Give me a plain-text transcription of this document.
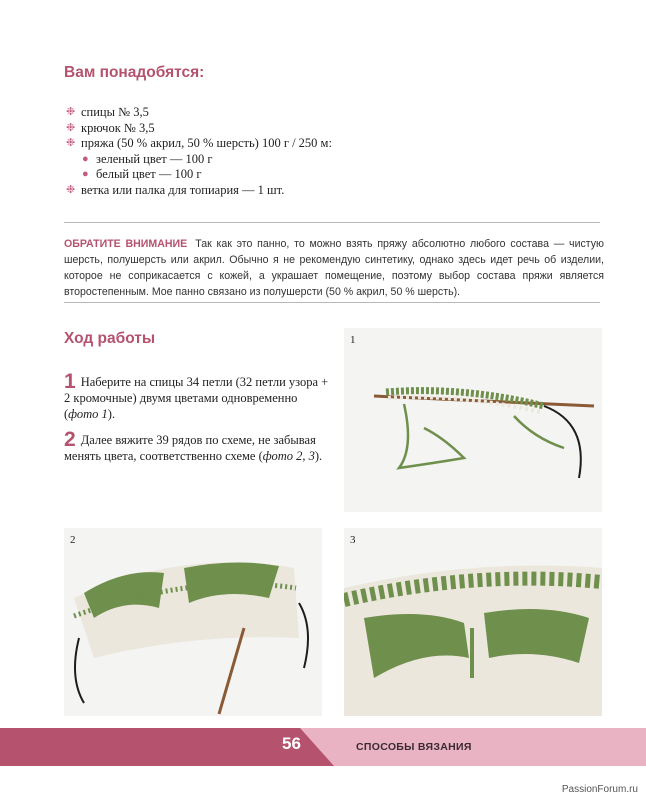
Вам понадобятся:
❉ спицы № 3,5
❉ крючок № 3,5
❉ пряжа (50 % акрил, 50 % шерсть) 100 г / 250 м:
● зеленый цвет — 100 г
● белый цвет — 100 г
❉ ветка или палка для топиария — 1 шт.
ОБРАТИТЕ ВНИМАНИЕ Так как это панно, то можно взять пряжу абсолютно любого состава — чистую шерсть, полушерсть или акрил. Обычно я не рекомендую синтетику, однако здесь идет речь об изделии, которое не соприкасается с кожей, а украшает помещение, поэтому выбор состава пряжи является второстепенным. Мое панно связано из полушерсти (50 % акрил, 50 % шерсть).
Ход работы
1 Наберите на спицы 34 петли (32 петли узора + 2 кромочные) двумя цветами одновременно (фото 1).
2 Далее вяжите 39 рядов по схеме, не забывая менять цвета, соответственно схеме (фото 2, 3).
1
2	3
56	СПОСОБЫ ВЯЗАНИЯ
PassionForum.ru
